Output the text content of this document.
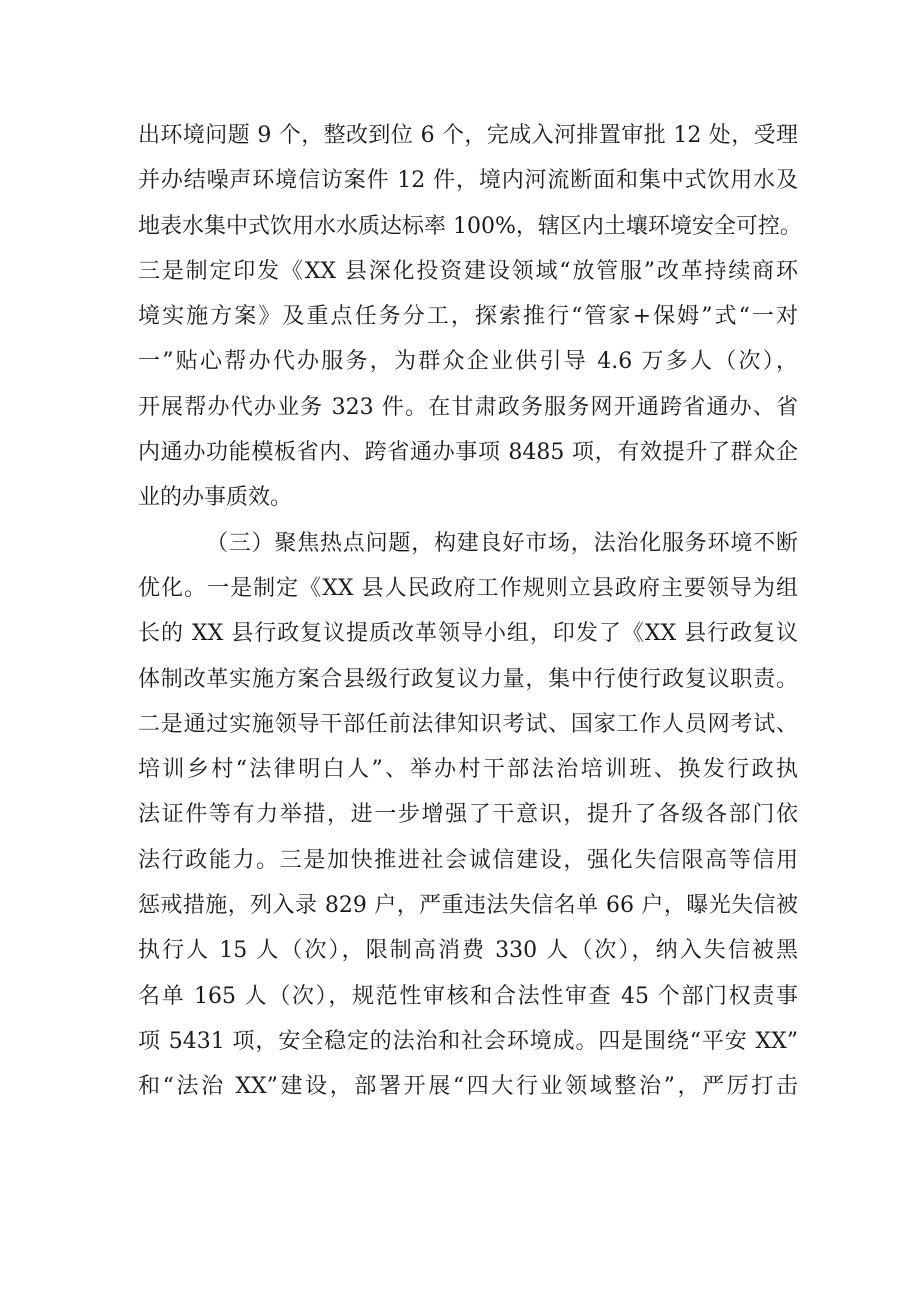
出环境问题 9 个，整改到位 6 个，完成入河排置审批 12 处，受理
并办结噪声环境信访案件 12 件，境内河流断面和集中式饮用水及
地表水集中式饮用水水质达标率 100%，辖区内土壤环境安全可控。
三是制定印发《XX 县深化投资建设领域“放管服”改革持续商环
境实施方案》及重点任务分工，探索推行“管家+保姆”式“一对
一”贴心帮办代办服务，为群众企业供引导 4.6 万多人（次），
开展帮办代办业务 323 件。在甘肃政务服务网开通跨省通办、省
内通办功能模板省内、跨省通办事项 8485 项，有效提升了群众企
业的办事质效。
（三）聚焦热点问题，构建良好市场，法治化服务环境不断
优化。一是制定《XX 县人民政府工作规则立县政府主要领导为组
长的 XX 县行政复议提质改革领导小组，印发了《XX 县行政复议
体制改革实施方案合县级行政复议力量，集中行使行政复议职责。
二是通过实施领导干部任前法律知识考试、国家工作人员网考试、
培训乡村“法律明白人”、举办村干部法治培训班、换发行政执
法证件等有力举措，进一步增强了干意识，提升了各级各部门依
法行政能力。三是加快推进社会诚信建设，强化失信限高等信用
惩戒措施，列入录 829 户，严重违法失信名单 66 户，曝光失信被
执行人 15 人（次），限制高消费 330 人（次），纳入失信被黑
名单 165 人（次），规范性审核和合法性审查 45 个部门权责事
项 5431 项，安全稳定的法治和社会环境成。四是围绕“平安 XX”
和“法治 XX”建设，部署开展“四大行业领域整治”，严厉打击
